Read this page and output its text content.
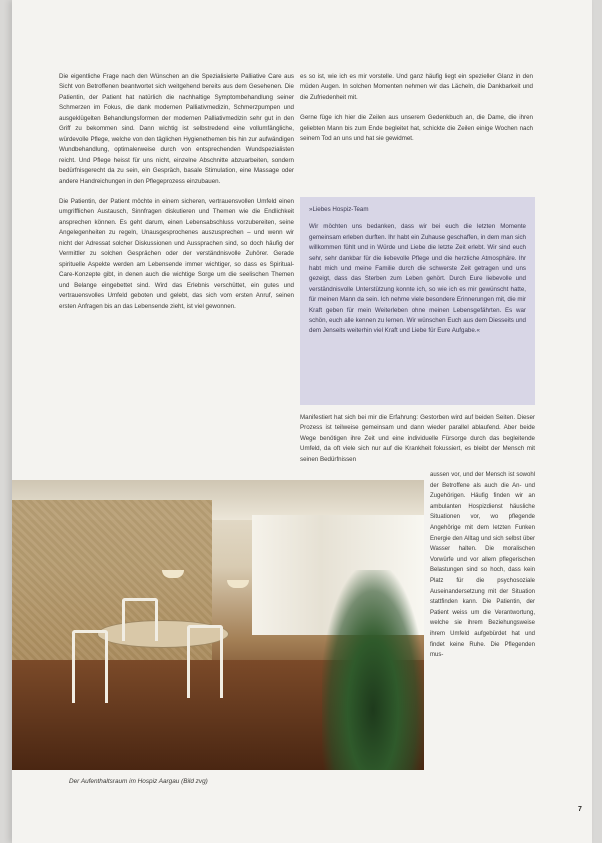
Die eigentliche Frage nach den Wünschen an die Spezialisierte Palliative Care aus Sicht von Betroffenen beantwortet sich weitgehend bereits aus dem Gesehenen. Die Patientin, der Patient hat natürlich die nachhaltige Symptombehandlung seiner Schmerzen im Fokus, die dank modernen Palliativmedizin, Schmerzpumpen und ausgeklügelten Behandlungsformen der modernen Palliativmedizin sehr gut in den Griff zu bekommen sind. Dann wichtig ist selbstredend eine vollumfängliche, würdevolle Pflege, welche von den täglichen Hygienethemen bis hin zur aufwändigen Wundbehandlung, optimalerweise durch von entsprechenden Wundspezialisten reicht. Und Pflege heisst für uns nicht, einzelne Abschnitte abzuarbeiten, sondern bedürfnisgerecht da zu sein, ein Gespräch, basale Stimulation, eine Massage oder andere Handreichungen in den Pflegeprozess einzubauen.

Die Patientin, der Patient möchte in einem sicheren, vertrauensvollen Umfeld einen umgrifflichen Austausch, Sinnfragen diskutieren und Themen wie die Endlichkeit ansprechen können. Es geht darum, einen Lebensabschluss vorzubereiten, seine Angelegenheiten zu regeln, Unausgesprochenes auszusprechen – und wenn wir nicht der Adressat solcher Diskussionen und Aussprachen sind, so doch häufig der Vermittler zu solchen Gesprächen oder der verständnisvolle Zuhörer. Gerade spirituelle Aspekte werden am Lebensende immer wichtiger, so dass es Spiritual-Care-Konzepte gibt, in denen auch die wichtige Sorge um die seelischen Themen und Belange eingebettet sind. Wird das Erlebnis verschüttet, ein gutes und vertrauensvolles Umfeld geboten und gelebt, das sich vom ersten Anruf, seinen ersten Anfragen bis an das Lebensende zieht, ist viel gewonnen.

es so ist, wie ich es mir vorstelle. Und ganz häufig liegt ein spezieller Glanz in den müden Augen. In solchen Momenten nehmen wir das Lächeln, die Dankbarkeit und die Zufriedenheit mit.

Gerne füge ich hier die Zeilen aus unserem Gedenkbuch an, die Dame, die ihren geliebten Mann bis zum Ende begleitet hat, schickte die Zeilen einige Wochen nach seinem Tod an uns und hat sie gewidmet.

»Liebes Hospiz-Team
Wir möchten uns bedanken, dass wir bei euch die letzten Momente gemeinsam erleben durften. Ihr habt ein Zuhause geschaffen, in dem man sich willkommen fühlt und in Würde und Liebe die letzte Zeit erlebt. Wir sind euch sehr, sehr dankbar für die liebevolle Pflege und die herzliche Atmosphäre. Ihr habt mich und meine Familie durch die schwerste Zeit getragen und uns gezeigt, dass das Sterben zum Leben gehört. Durch Eure liebevolle und verständnisvolle Unterstützung konnte ich, so wie ich es mir gewünscht hatte, für meinen Mann da sein. Ich nehme viele besondere Erinnerungen mit, die mir Kraft geben für mein Weiterleben ohne meinen Lebensgefährten. Es war schön, euch alle kennen zu lernen. Wir wünschen Euch aus dem Diesseits und dem Jenseits weiterhin viel Kraft und Liebe für Eure Aufgabe.«

Manifestiert hat sich bei mir die Erfahrung: Gestorben wird auf beiden Seiten. Dieser Prozess ist teilweise gemeinsam und dann wieder parallel ablaufend. Aber beide Wege benötigen ihre Zeit und eine individuelle Fürsorge durch das begleitende Umfeld, da oft viele sich nur auf die Krankheit fokussiert, es bleibt der Mensch mit seinen Bedürfnissen

aussen vor, und der Mensch ist sowohl der Betroffene als auch die An- und Zugehörigen. Häufig finden wir an ambulanten Hospizdienst häusliche Situationen vor, wo pflegende Angehörige mit dem letzten Funken Energie den Alltag und sich selbst über Wasser halten. Die moralischen Vorwürfe und vor allem pflegerischen Belastungen sind so hoch, dass kein Platz für die psychosoziale Auseinandersetzung mit der Situation stattfinden kann. Die Patientin, der Patient weiss um die Verantwortung, welche sie ihrem Beziehungsweise ihrem Umfeld aufgebürdet hat und findet keine Ruhe. Die Pflegenden mus-

Der Aufenthaltsraum im Hospiz Aargau (Bild zvg)
7
